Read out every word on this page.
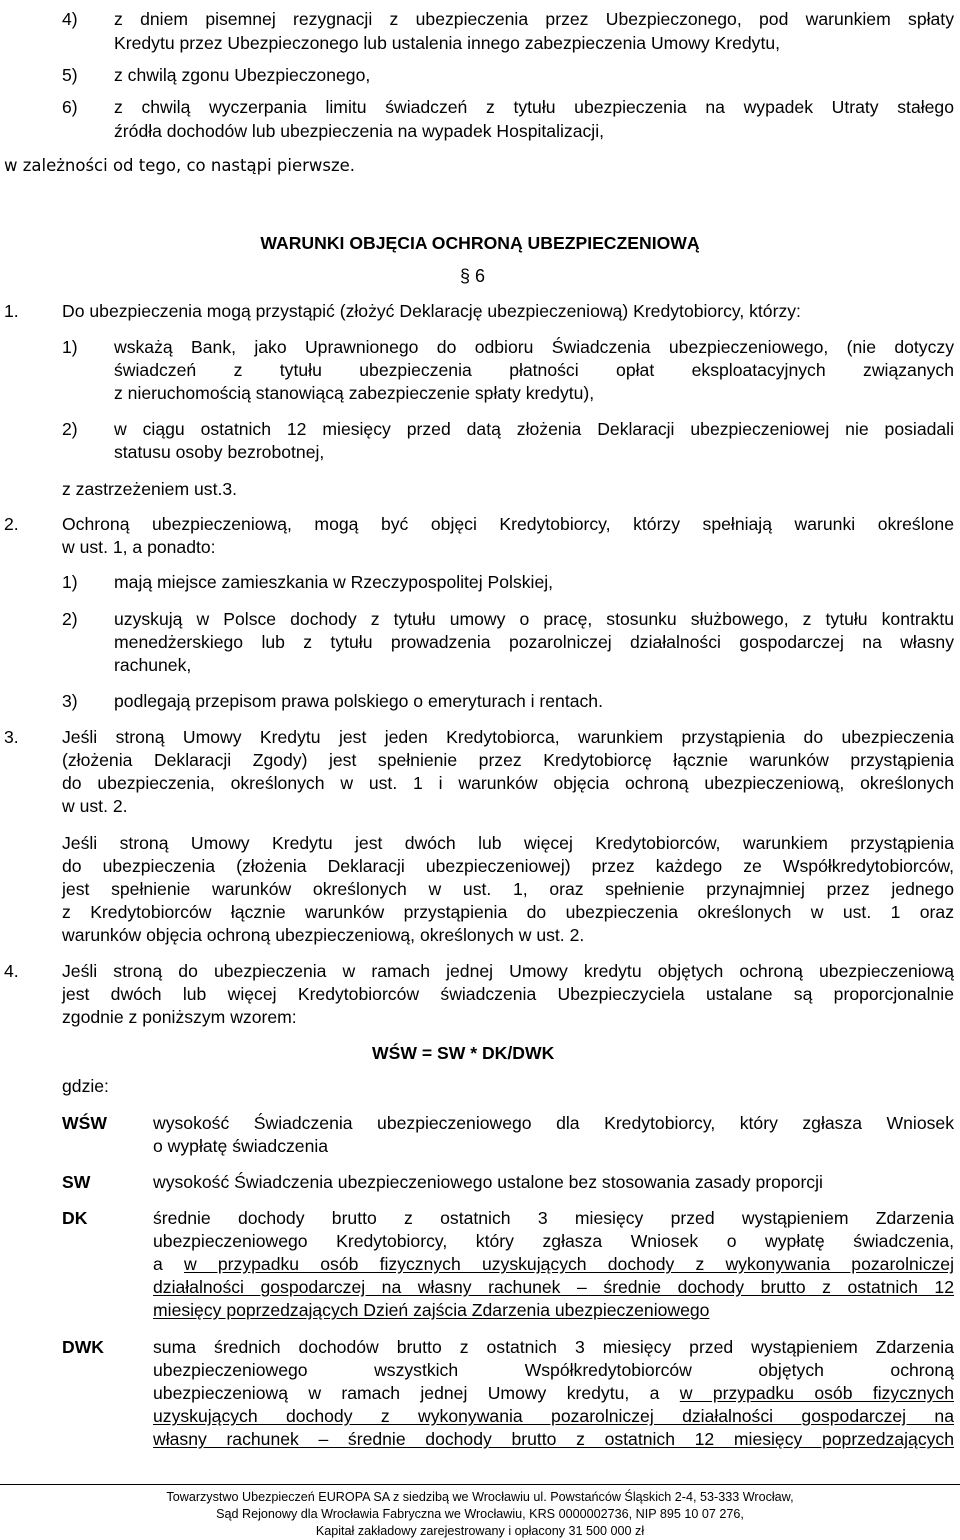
4) z dniem pisemnej rezygnacji z ubezpieczenia przez Ubezpieczonego, pod warunkiem spłaty
Kredytu przez Ubezpieczonego lub ustalenia innego zabezpieczenia Umowy Kredytu,
5) z chwilą zgonu Ubezpieczonego,
6) z chwilą wyczerpania limitu świadczeń z tytułu ubezpieczenia na wypadek Utraty stałego
źródła dochodów lub ubezpieczenia na wypadek Hospitalizacji,
w zależności od tego, co nastąpi pierwsze.
WARUNKI OBJĘCIA OCHRONĄ UBEZPIECZENIOWĄ
§ 6
1. Do ubezpieczenia mogą przystąpić (złożyć Deklarację ubezpieczeniową) Kredytobiorcy, którzy:
1) wskażą Bank, jako Uprawnionego do odbioru Świadczenia ubezpieczeniowego, (nie dotyczy
świadczeń z tytułu ubezpieczenia płatności opłat eksploatacyjnych związanych
z nieruchomością stanowiącą zabezpieczenie spłaty kredytu),
2) w ciągu ostatnich 12 miesięcy przed datą złożenia Deklaracji ubezpieczeniowej nie posiadali
statusu osoby bezrobotnej,
z zastrzeżeniem ust.3.
2. Ochroną ubezpieczeniową, mogą być objęci Kredytobiorcy, którzy spełniają warunki określone
w ust. 1, a ponadto:
1) mają miejsce zamieszkania w Rzeczypospolitej Polskiej,
2) uzyskują w Polsce dochody z tytułu umowy o pracę, stosunku służbowego, z tytułu kontraktu
menedżerskiego lub z tytułu prowadzenia pozarolniczej działalności gospodarczej na własny
rachunek,
3) podlegają przepisom prawa polskiego o emeryturach i rentach.
3. Jeśli stroną Umowy Kredytu jest jeden Kredytobiorca, warunkiem przystąpienia do ubezpieczenia
(złożenia Deklaracji Zgody) jest spełnienie przez Kredytobiorcę łącznie warunków przystąpienia
do ubezpieczenia, określonych w ust. 1 i warunków objęcia ochroną ubezpieczeniową, określonych
w ust. 2.
Jeśli stroną Umowy Kredytu jest dwóch lub więcej Kredytobiorców, warunkiem przystąpienia
do ubezpieczenia (złożenia Deklaracji ubezpieczeniowej) przez każdego ze Współkredytobiorców,
jest spełnienie warunków określonych w ust. 1, oraz spełnienie przynajmniej przez jednego
z Kredytobiorców łącznie warunków przystąpienia do ubezpieczenia określonych w ust. 1 oraz
warunków objęcia ochroną ubezpieczeniową, określonych w ust. 2.
4. Jeśli stroną do ubezpieczenia w ramach jednej Umowy kredytu objętych ochroną ubezpieczeniową
jest dwóch lub więcej Kredytobiorców świadczenia Ubezpieczyciela ustalane są proporcjonalnie
zgodnie z poniższym wzorem:
WŚW = SW * DK/DWK
gdzie:
WŚW	wysokość Świadczenia ubezpieczeniowego dla Kredytobiorcy, który zgłasza Wniosek
o wypłatę świadczenia
SW	wysokość Świadczenia ubezpieczeniowego ustalone bez stosowania zasady proporcji
DK	średnie dochody brutto z ostatnich 3 miesięcy przed wystąpieniem Zdarzenia
ubezpieczeniowego Kredytobiorcy, który zgłasza Wniosek o wypłatę świadczenia,
a w przypadku osób fizycznych uzyskujących dochody z wykonywania pozarolniczej
działalności gospodarczej na własny rachunek – średnie dochody brutto z ostatnich 12
miesięcy poprzedzających Dzień zajścia Zdarzenia ubezpieczeniowego
DWK	suma średnich dochodów brutto z ostatnich 3 miesięcy przed wystąpieniem Zdarzenia
ubezpieczeniowego wszystkich Współkredytobiorców objętych ochroną
ubezpieczeniową w ramach jednej Umowy kredytu, a w przypadku osób fizycznych
uzyskujących dochody z wykonywania pozarolniczej działalności gospodarczej na
własny rachunek – średnie dochody brutto z ostatnich 12 miesięcy poprzedzających
Towarzystwo Ubezpieczeń EUROPA SA z siedzibą we Wrocławiu ul. Powstańców Śląskich 2-4, 53-333 Wrocław,
Sąd Rejonowy dla Wrocławia Fabryczna we Wrocławiu, KRS 0000002736, NIP 895 10 07 276,
Kapitał zakładowy zarejestrowany i opłacony 31 500 000 zł
